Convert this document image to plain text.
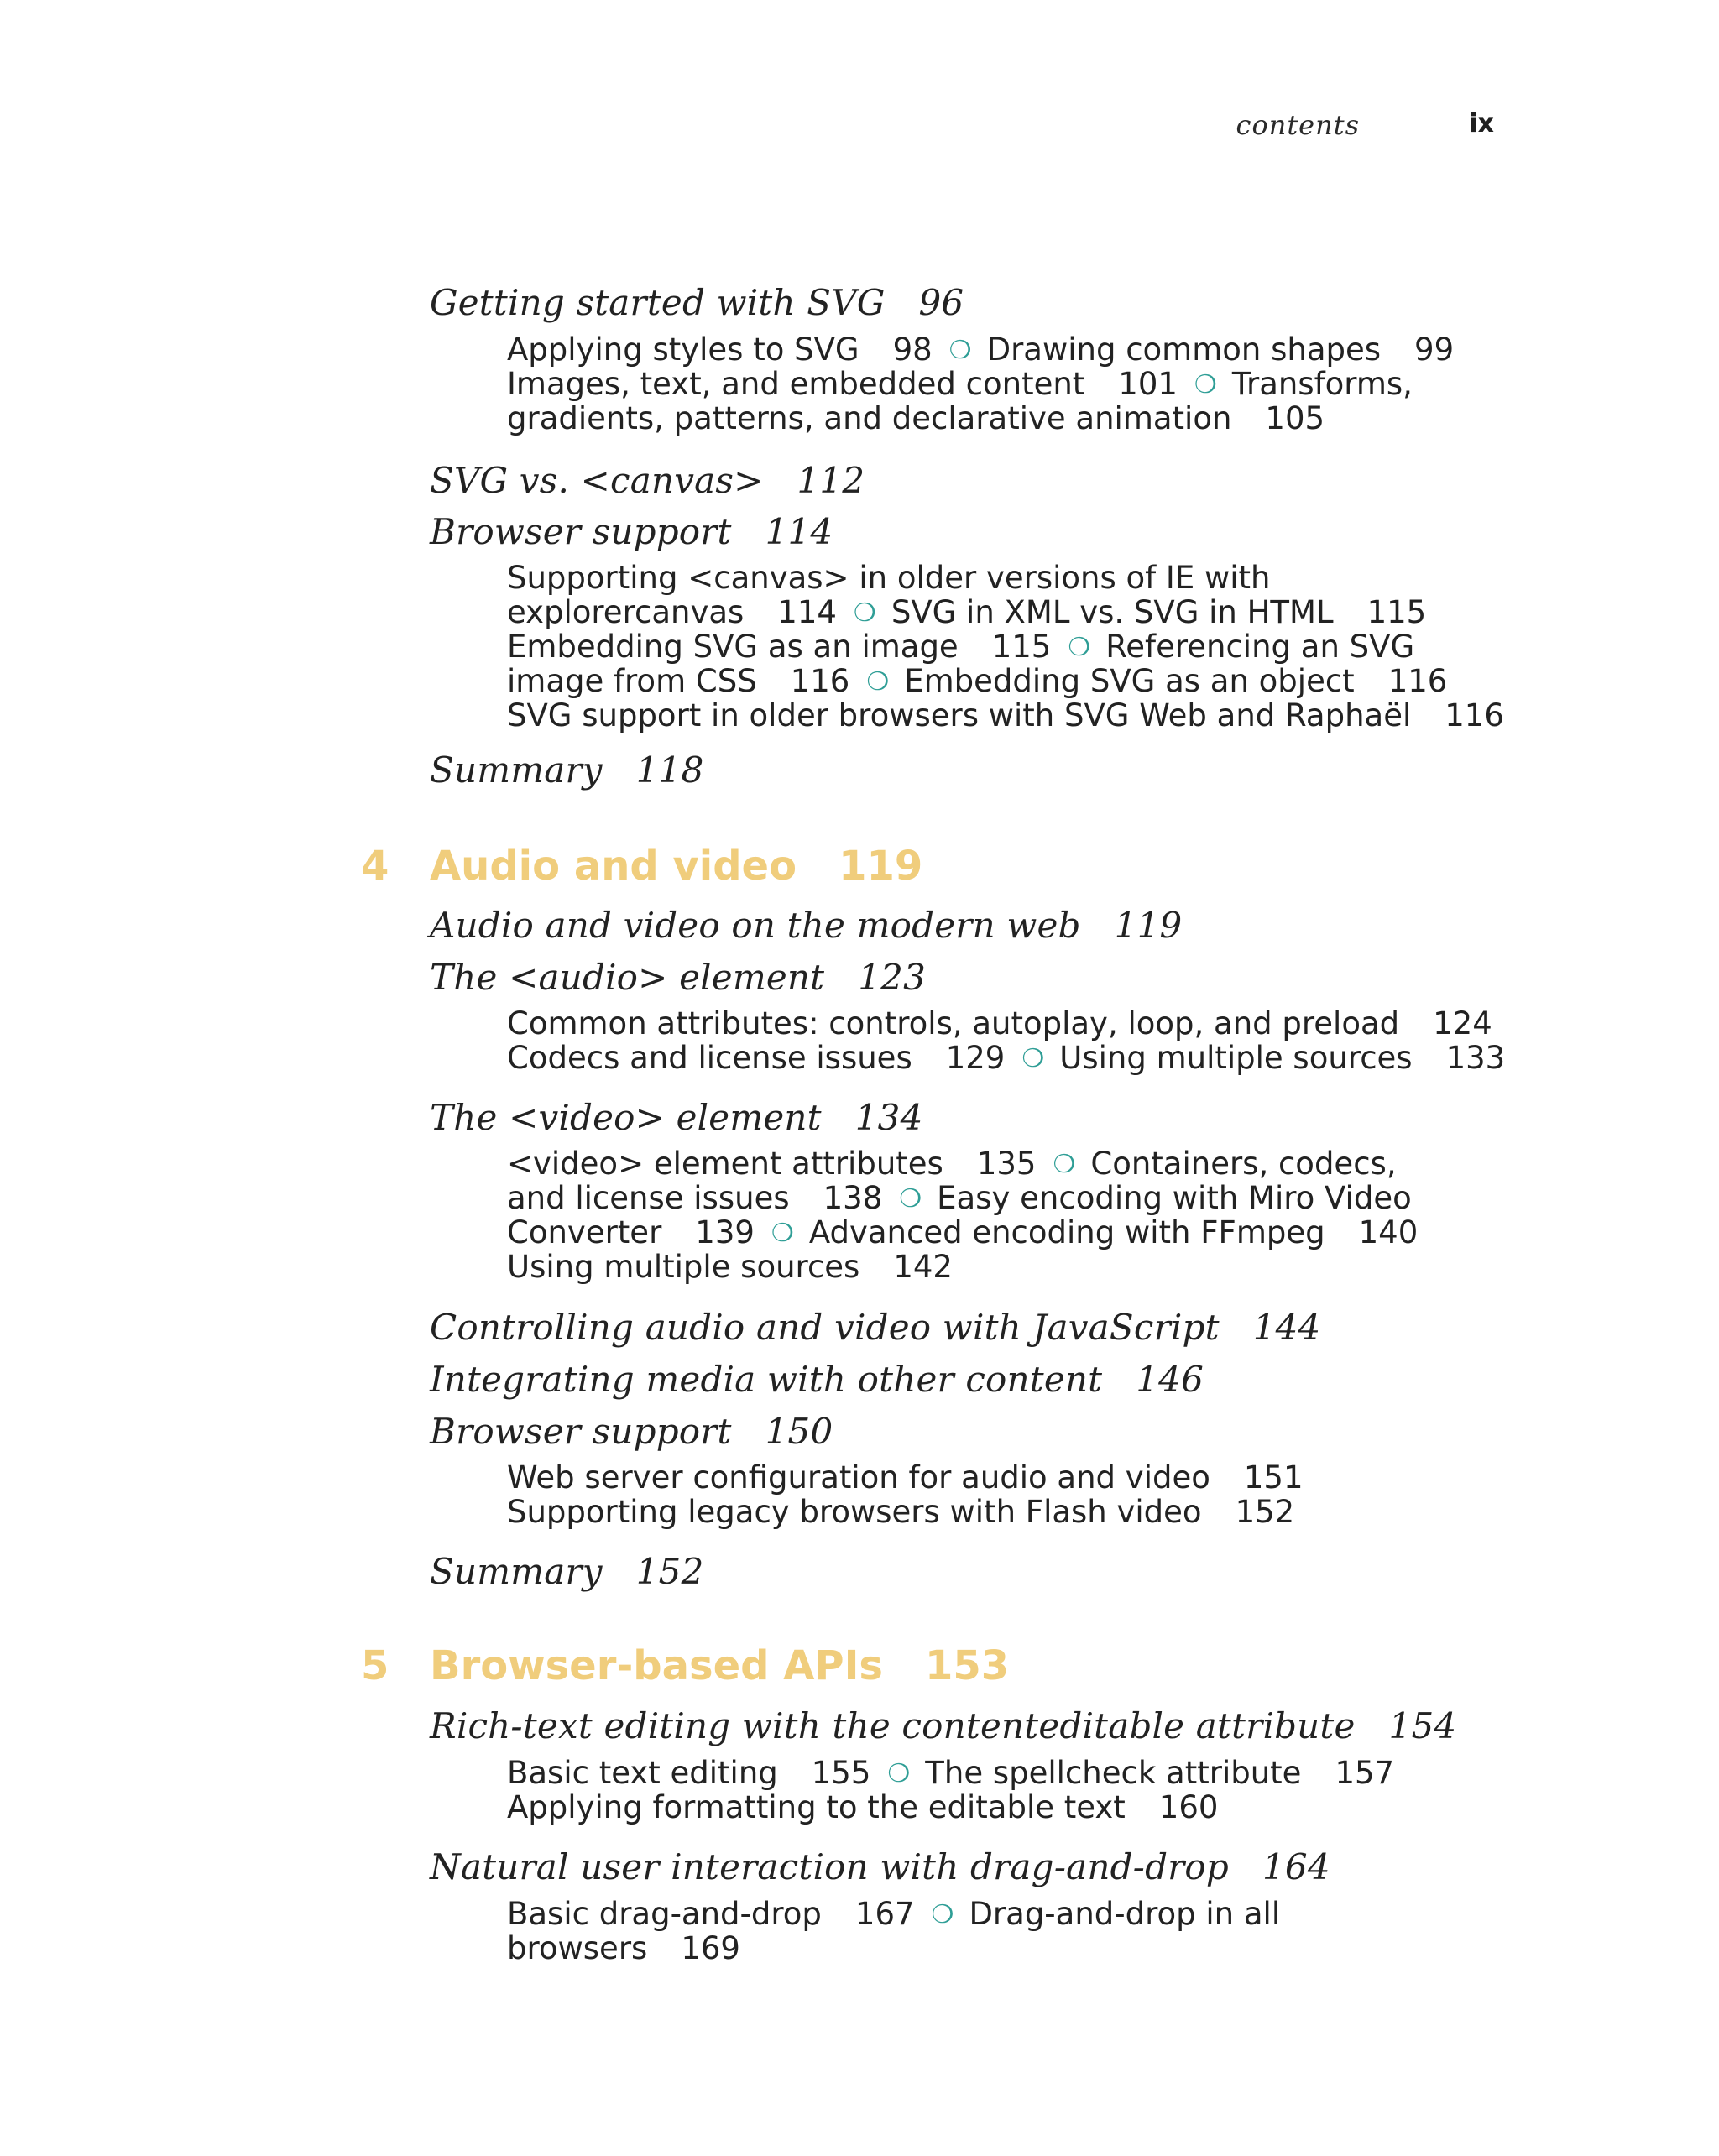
contents	ix
Getting started with SVG 96
Applying styles to SVG 98 ❍ Drawing common shapes 99
Images, text, and embedded content 101 ❍ Transforms,
gradients, patterns, and declarative animation 105
SVG vs. <canvas> 112
Browser support 114
Supporting <canvas> in older versions of IE with
explorercanvas 114 ❍ SVG in XML vs. SVG in HTML 115
Embedding SVG as an image 115 ❍ Referencing an SVG
image from CSS 116 ❍ Embedding SVG as an object 116
SVG support in older browsers with SVG Web and Raphaël 116
Summary 118
4 Audio and video 119
Audio and video on the modern web 119
The <audio> element 123
Common attributes: controls, autoplay, loop, and preload 124
Codecs and license issues 129 ❍ Using multiple sources 133
The <video> element 134
<video> element attributes 135 ❍ Containers, codecs,
and license issues 138 ❍ Easy encoding with Miro Video
Converter 139 ❍ Advanced encoding with FFmpeg 140
Using multiple sources 142
Controlling audio and video with JavaScript 144
Integrating media with other content 146
Browser support 150
Web server configuration for audio and video 151
Supporting legacy browsers with Flash video 152
Summary 152
5 Browser-based APIs 153
Rich-text editing with the contenteditable attribute 154
Basic text editing 155 ❍ The spellcheck attribute 157
Applying formatting to the editable text 160
Natural user interaction with drag-and-drop 164
Basic drag-and-drop 167 ❍ Drag-and-drop in all
browsers 169
